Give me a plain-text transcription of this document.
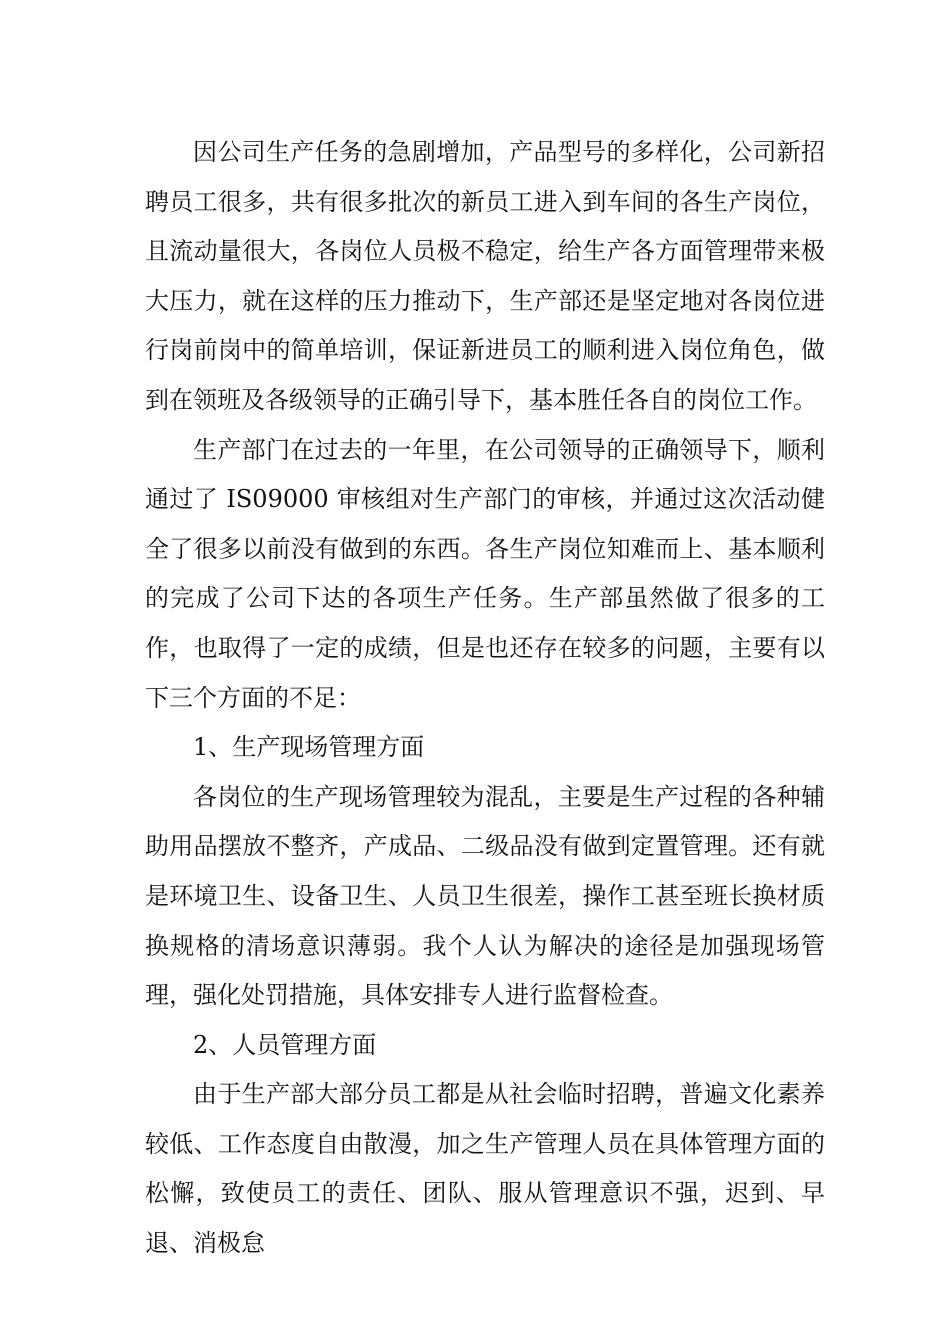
因公司生产任务的急剧增加，产品型号的多样化，公司新招聘员工很多，共有很多批次的新员工进入到车间的各生产岗位，且流动量很大，各岗位人员极不稳定，给生产各方面管理带来极大压力，就在这样的压力推动下，生产部还是坚定地对各岗位进行岗前岗中的简单培训，保证新进员工的顺利进入岗位角色，做到在领班及各级领导的正确引导下，基本胜任各自的岗位工作。

生产部门在过去的一年里，在公司领导的正确领导下，顺利通过了 IS09000 审核组对生产部门的审核，并通过这次活动健全了很多以前没有做到的东西。各生产岗位知难而上、基本顺利的完成了公司下达的各项生产任务。生产部虽然做了很多的工作，也取得了一定的成绩，但是也还存在较多的问题，主要有以下三个方面的不足：

1、生产现场管理方面

各岗位的生产现场管理较为混乱，主要是生产过程的各种辅助用品摆放不整齐，产成品、二级品没有做到定置管理。还有就是环境卫生、设备卫生、人员卫生很差，操作工甚至班长换材质换规格的清场意识薄弱。我个人认为解决的途径是加强现场管理，强化处罚措施，具体安排专人进行监督检查。

2、人员管理方面

由于生产部大部分员工都是从社会临时招聘，普遍文化素养较低、工作态度自由散漫，加之生产管理人员在具体管理方面的松懈，致使员工的责任、团队、服从管理意识不强，迟到、早退、消极怠
